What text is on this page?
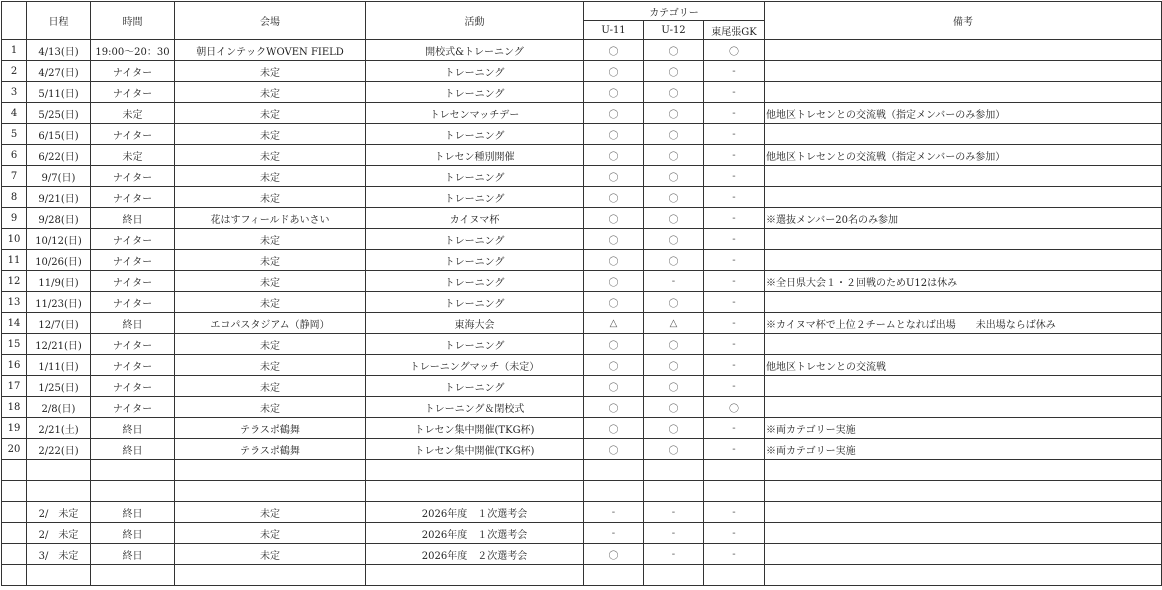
	日程	時間	会場	活動	カテゴリー			備考
					U-11	U-12	東尾張GK	
1	4/13(日)	19:00～20：30	朝日インテックWOVEN FIELD	開校式&トレーニング	〇	〇	〇	
2	4/27(日)	ナイター	未定	トレーニング	〇	〇	-	
3	5/11(日)	ナイター	未定	トレーニング	〇	〇	-	
4	5/25(日)	未定	未定	トレセンマッチデー	〇	〇	-	他地区トレセンとの交流戦（指定メンバーのみ参加）
5	6/15(日)	ナイター	未定	トレーニング	〇	〇	-	
6	6/22(日)	未定	未定	トレセン種別開催	〇	〇	-	他地区トレセンとの交流戦（指定メンバーのみ参加）
7	9/7(日)	ナイター	未定	トレーニング	〇	〇	-	
8	9/21(日)	ナイター	未定	トレーニング	〇	〇	-	
9	9/28(日)	終日	花はすフィールドあいさい	カイヌマ杯	〇	〇	-	※選抜メンバー20名のみ参加
10	10/12(日)	ナイター	未定	トレーニング	〇	〇	-	
11	10/26(日)	ナイター	未定	トレーニング	〇	〇	-	
12	11/9(日)	ナイター	未定	トレーニング	〇	-	-	※全日県大会１・２回戦のためU12は休み
13	11/23(日)	ナイター	未定	トレーニング	〇	〇	-	
14	12/7(日)	終日	エコパスタジアム（静岡）	東海大会	△	△	-	※カイヌマ杯で上位２チームとなれば出場　　未出場ならば休み
15	12/21(日)	ナイター	未定	トレーニング	〇	〇	-	
16	1/11(日)	ナイター	未定	トレーニングマッチ（未定）	〇	〇	-	他地区トレセンとの交流戦
17	1/25(日)	ナイター	未定	トレーニング	〇	〇	-	
18	2/8(日)	ナイター	未定	トレーニング＆閉校式	〇	〇	〇	
19	2/21(土)	終日	テラスポ鶴舞	トレセン集中開催(TKG杯)	〇	〇	-	※両カテゴリー実施
20	2/22(日)	終日	テラスポ鶴舞	トレセン集中開催(TKG杯)	〇	〇	-	※両カテゴリー実施

	2/　未定	終日	未定	2026年度　１次選考会	-	-	-	
	2/　未定	終日	未定	2026年度　１次選考会	-	-	-	
	3/　未定	終日	未定	2026年度　２次選考会	〇	-	-	
